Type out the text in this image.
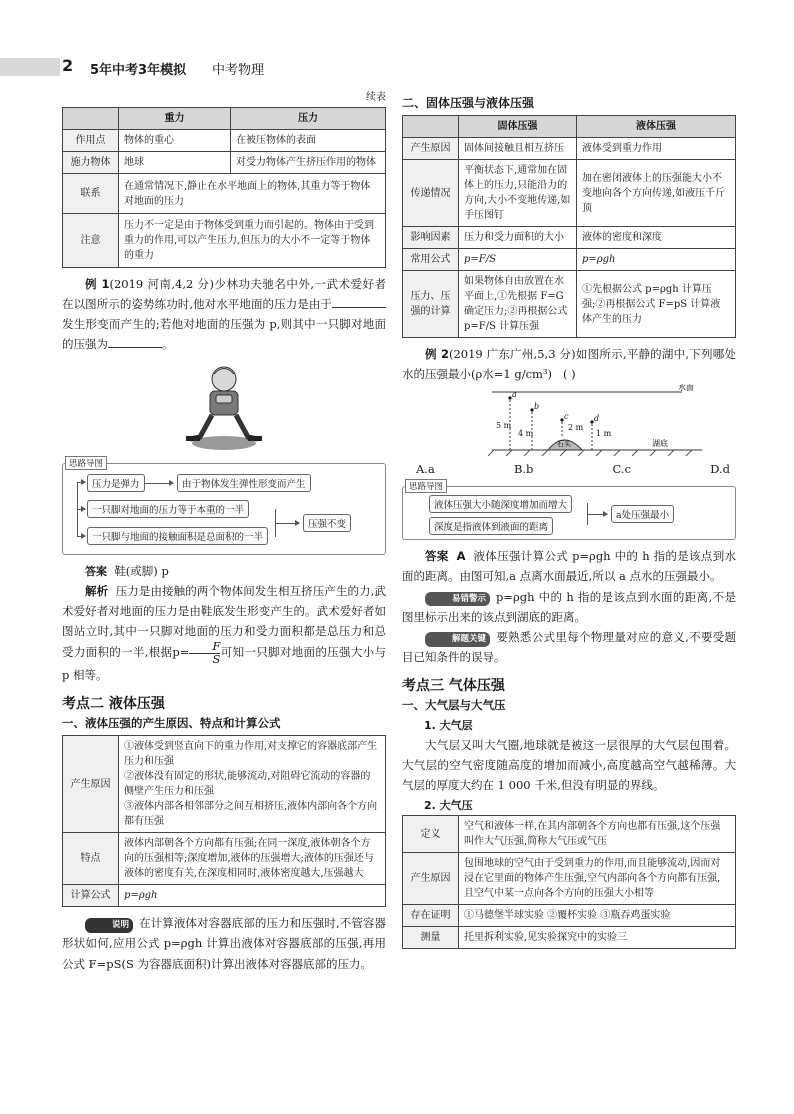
2 5年中考3年模拟 中考物理
续表
	重力	压力
作用点	物体的重心	在被压物体的表面
施力物体	地球	对受力物体产生挤压作用的物体
联系	在通常情况下,静止在水平地面上的物体,其重力等于物体对地面的压力	
注意	压力不一定是由于物体受到重力而引起的。物体由于受到重力的作用,可以产生压力,但压力的大小不一定等于物体的重力	

例 1(2019 河南,4,2 分)少林功夫驰名中外,一武术爱好者在以图所示的姿势练功时,他对水平地面的压力是由于发生形变而产生的;若他对地面的压强为 p,则其中一只脚对地面的压强为	。

思路导图
压力是弹力	由于物体发生弹性形变而产生
一只脚对地面的压力等于本重的一半
一只脚与地面的接触面积是总面积的一半
压强不变

答案 鞋(或脚) p

解析 压力是由接触的两个物体间发生相互挤压产生的力,武术爱好者对地面的压力是由鞋底发生形变产生的。武术爱好者如图站立时,其中一只脚对地面的压力和受力面积都是总压力和总受力面积的一半,根据$p= \frac{F}{S}$ 可知一只脚对地面的压强大小与 p 相等。

考点二 液体压强
一、液体压强的产生原因、特点和计算公式
产生原因	①液体受到竖直向下的重力作用,对支撑它的容器底部产生压力和压强
②液体没有固定的形状,能够流动,对阻碍它流动的容器的侧壁产生压力和压强
③液体内部各相邻部分之间互相挤压,液体内部向各个方向都有压强

特点	液体内部朝各个方向都有压强;在同一深度,液体朝各个方向的压强相等;深度增加,液体的压强增大;液体的压强还与液体的密度有关,在深度相同时,液体密度越大,压强越大
计算公式	p=ρgh

说明 在计算液体对容器底部的压力和压强时,不管容器形状如何,应用公式 p=ρgh 计算出液体对容器底部的压强,再用公式 F=pS(S 为容器底面积)计算出液体对容器底部的压力。

二、固体压强与液体压强
	固体压强	液体压强
产生原因	固体间接触且相互挤压	液体受到重力作用
传递情况	平衡状态下,通常加在固体上的压力,只能沿力的方向,大小不变地传递,如手压图钉	加在密闭液体上的压强能大小不变地向各个方向传递,如液压千斤顶
影响因素	压力和受力面积的大小	液体的密度和深度
常用公式	p=F/S	p=ρgh
压力、压强的计算	如果物体自由放置在水平面上,①先根据 F=G 确定压力;②再根据公式 p=F/S 计算压强	①先根据公式 p=ρgh 计算压强;②再根据公式 F=pS 计算液体产生的压力

例 2(2019 广东广州,5,3 分)如图所示,平静的湖中,下列哪处水的压强最小(ρ水=1 g/cm³) ( )

水面
石头	湖底
a
5 m
b
4 m
c
2 m
d
1 m
A.a	B.b	C.c	D.d
思路导图
液体压强大小随深度增加而增大
深度是指液体到液面的距离
a处压强最小

答案 A 液体压强计算公式 p=ρgh 中的 h 指的是该点到水面的距离。由图可知,a 点离水面最近,所以 a 点水的压强最小。

易错警示 p=ρgh 中的 h 指的是该点到水面的距离,不是图里标示出来的该点到湖底的距离。

解题关键 要熟悉公式里每个物理量对应的意义,不要受题目已知条件的误导。

考点三 气体压强
一、大气层与大气压
1. 大气层

大气层又叫大气圈,地球就是被这一层很厚的大气层包围着。大气层的空气密度随高度的增加而减小,高度越高空气越稀薄。大气层的厚度大约在 1 000 千米,但没有明显的界线。

2. 大气压
定义	空气和液体一样,在其内部朝各个方向也都有压强,这个压强叫作大气压强,简称大气压或气压
产生原因	包围地球的空气由于受到重力的作用,而且能够流动,因而对浸在它里面的物体产生压强,空气内部向各个方向都有压强,且空气中某一点向各个方向的压强大小相等
存在证明	①马德堡半球实验 ②覆杯实验 ③瓶吞鸡蛋实验
测量	托里拆利实验,见实验探究中的实验三
